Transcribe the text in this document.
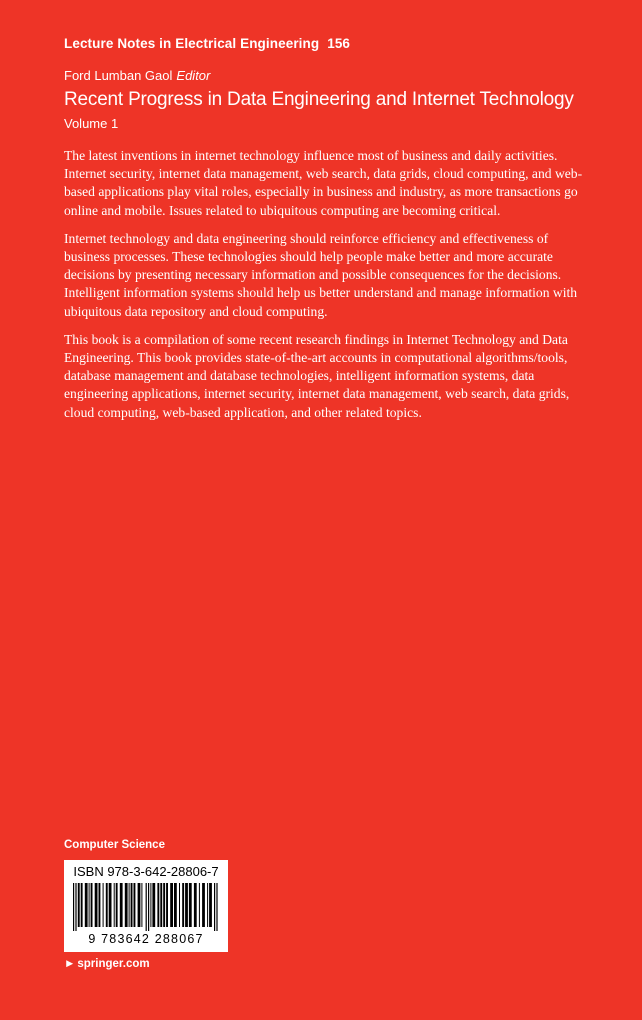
Lecture Notes in Electrical Engineering 156
Ford Lumban Gaol Editor
Recent Progress in Data Engineering and Internet Technology
Volume 1

The latest inventions in internet technology influence most of business and daily activities. Internet security, internet data management, web search, data grids, cloud computing, and web-based applications play vital roles, especially in business and industry, as more transactions go online and mobile. Issues related to ubiquitous computing are becoming critical.

Internet technology and data engineering should reinforce efficiency and effectiveness of business processes. These technologies should help people make better and more accurate decisions by presenting necessary information and possible consequences for the decisions. Intelligent information systems should help us better understand and manage information with ubiquitous data repository and cloud computing.

This book is a compilation of some recent research findings in Internet Technology and Data Engineering. This book provides state-of-the-art accounts in computational algorithms/tools, database management and database technologies, intelligent information systems, data engineering applications, internet security, internet data management, web search, data grids, cloud computing, web-based application, and other related topics.

Computer Science
ISBN 978-3-642-28806-7
9 783642 288067
► springer.com
